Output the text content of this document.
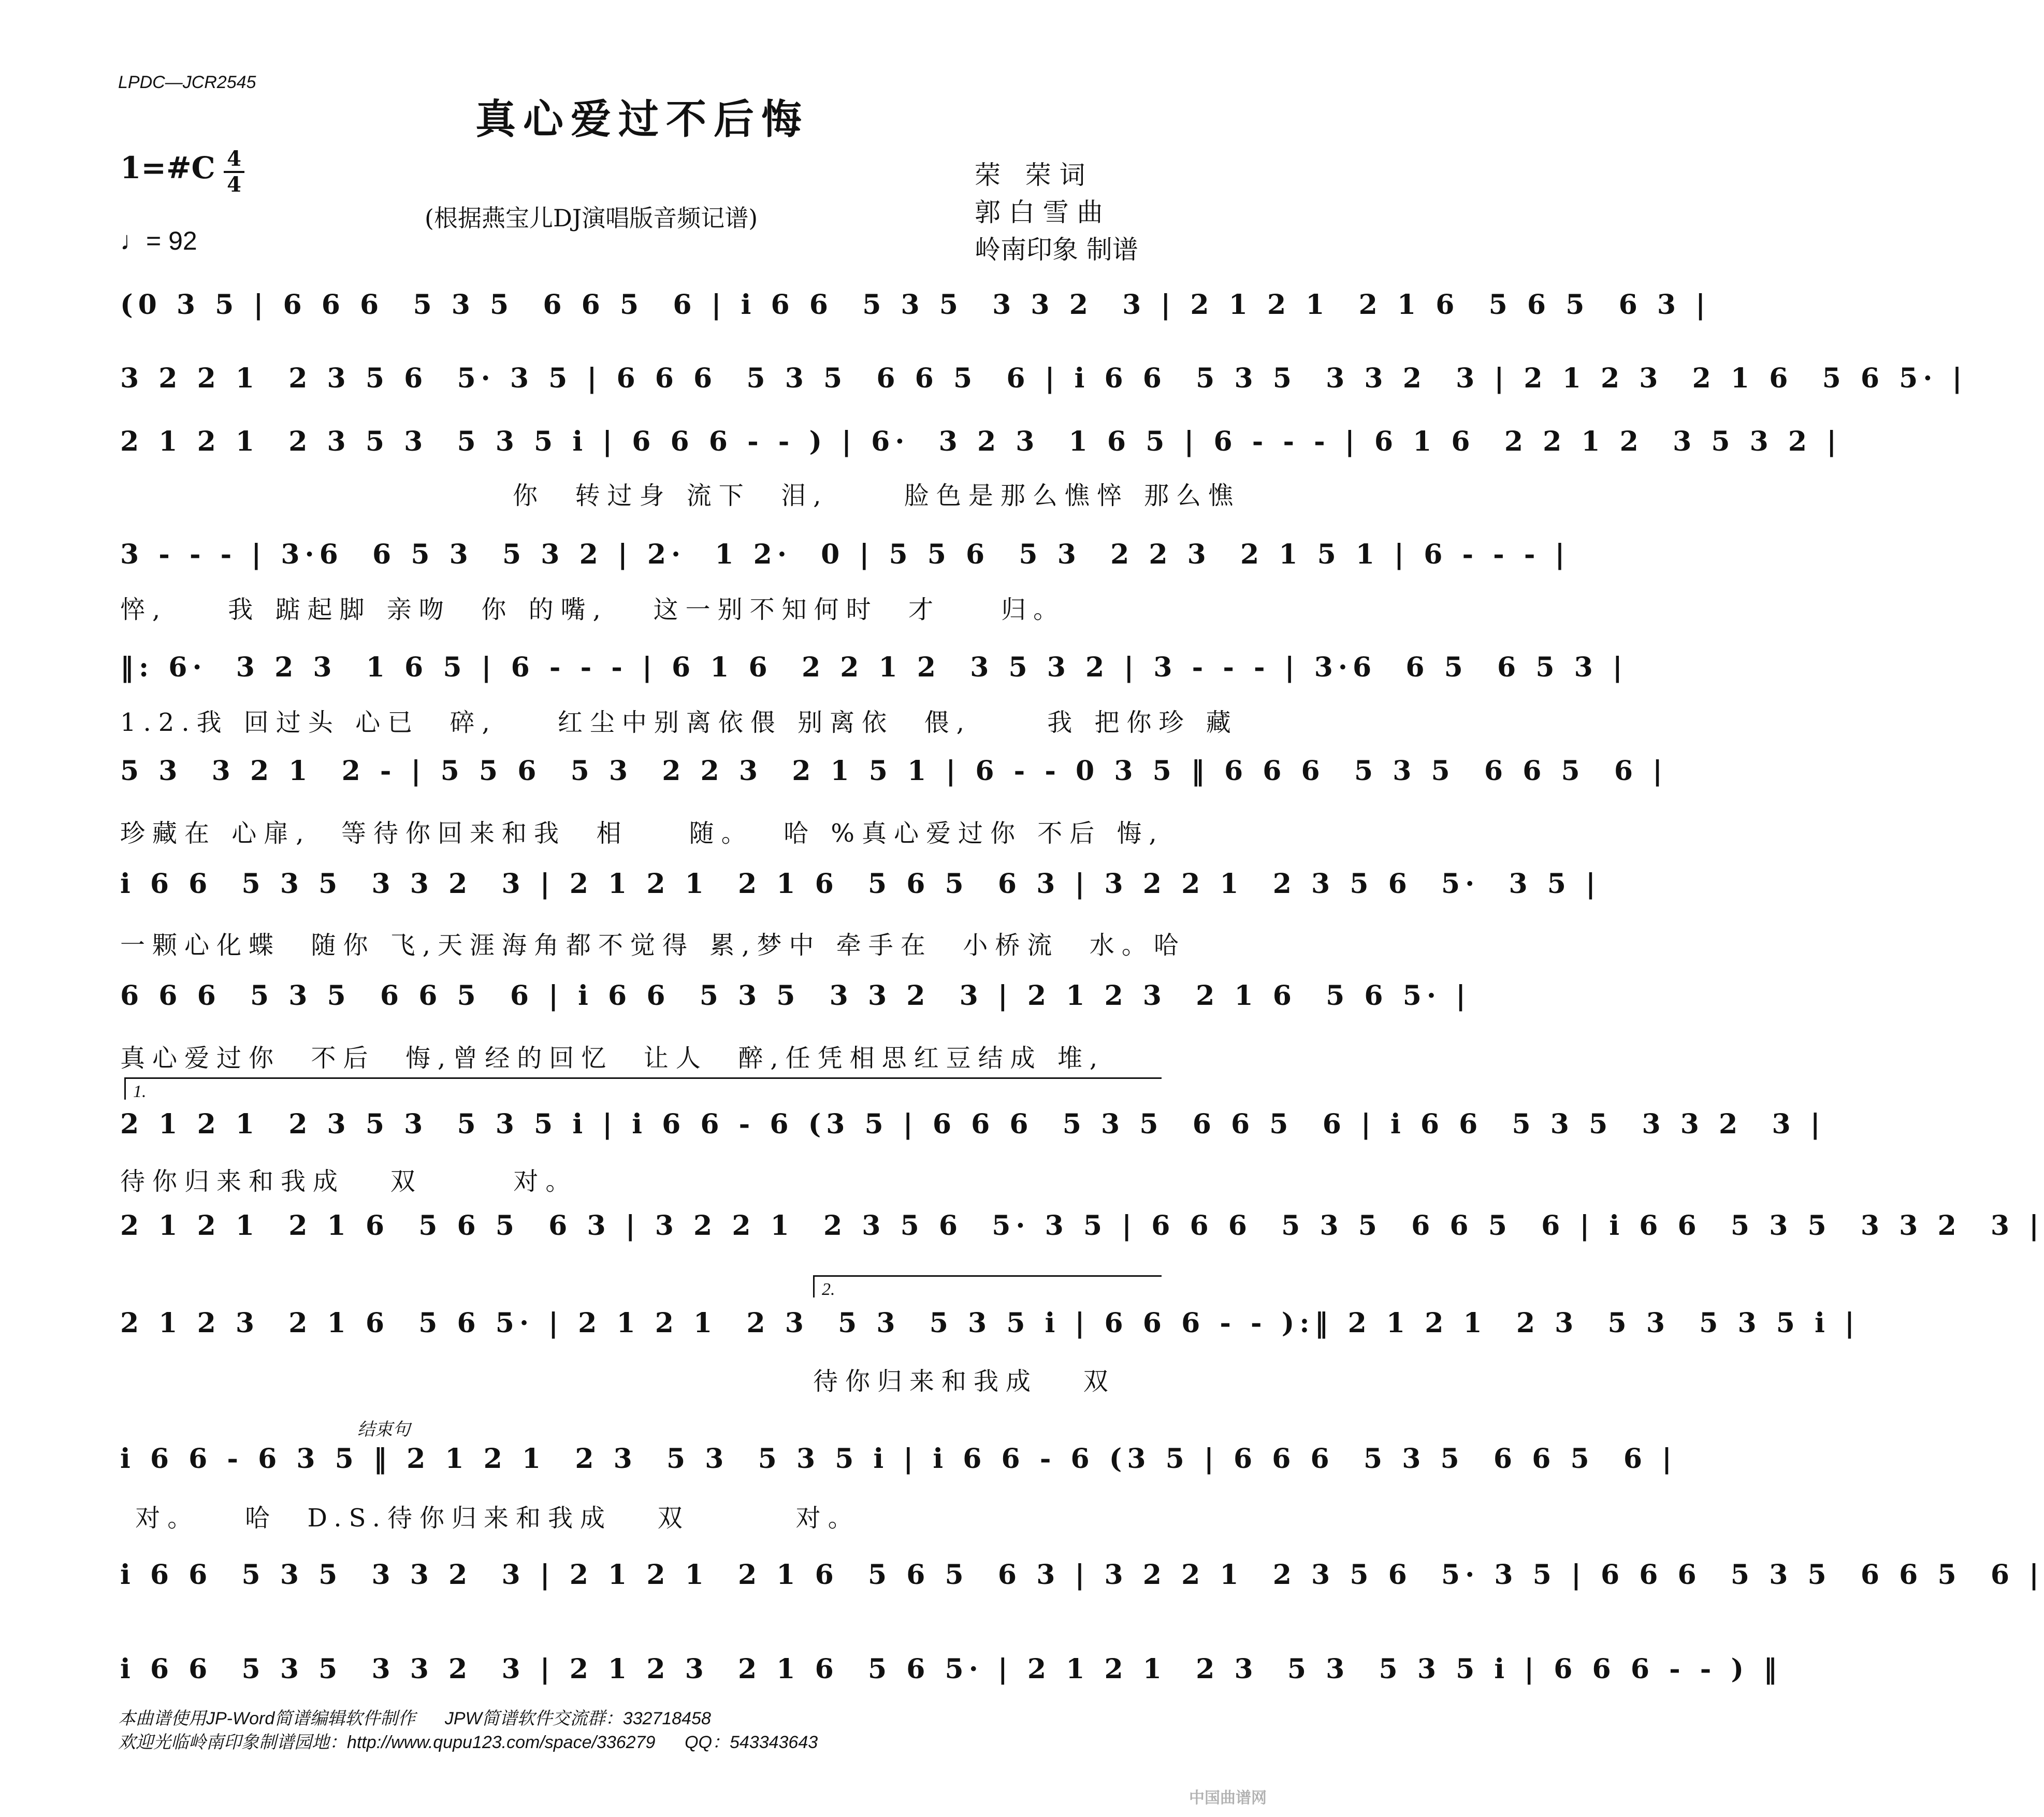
LPDC—JCR2545
真心爱过不后悔
1=#C 4
4
♩= 92
(根据燕宝儿DJ演唱版音频记谱)
荣   荣 词
郭 白 雪 曲
岭南印象 制谱
(0 3 5 | 6 6 6  5 3 5  6 6 5  6 | i 6 6  5 3 5  3 3 2  3 | 2 1 2 1  2 1 6  5 6 5  6 3 |
3 2 2 1  2 3 5 6  5· 3 5 | 6 6 6  5 3 5  6 6 5  6 | i 6 6  5 3 5  3 3 2  3 | 2 1 2 3  2 1 6  5 6 5· |
2 1 2 1  2 3 5 3  5 3 5 i | 6 6 6 - - ) | 6·  3 2 3  1 6 5 | 6 - - - | 6 1 6  2 2 1 2  3 5 3 2 |
你  转过身 流下  泪,     脸色是那么憔悴 那么憔
3 - - - | 3·6  6 5 3  5 3 2 | 2·  1 2·  0 | 5 5 6  5 3  2 2 3  2 1 5 1 | 6 - - - |
悴,    我 踮起脚 亲吻  你 的嘴,   这一别不知何时  才    归。
‖: 6·  3 2 3  1 6 5 | 6 - - - | 6 1 6  2 2 1 2  3 5 3 2 | 3 - - - | 3·6  6 5  6 5 3 |
1.2.我 回过头 心已  碎,    红尘中别离依偎 别离依  偎,     我 把你珍 藏
5 3  3 2 1  2 - | 5 5 6  5 3  2 2 3  2 1 5 1 | 6 - - 0 3 5 ‖ 6 6 6  5 3 5  6 6 5  6 |
珍藏在 心扉,  等待你回来和我  相    随。  哈 %真心爱过你 不后 悔,
i 6 6  5 3 5  3 3 2  3 | 2 1 2 1  2 1 6  5 6 5  6 3 | 3 2 2 1  2 3 5 6  5·  3 5 |
一颗心化蝶  随你 飞,天涯海角都不觉得 累,梦中 牵手在  小桥流  水。哈
6 6 6  5 3 5  6 6 5  6 | i 6 6  5 3 5  3 3 2  3 | 2 1 2 3  2 1 6  5 6 5· |
真心爱过你  不后  悔,曾经的回忆  让人  醉,任凭相思红豆结成 堆,
1.
2 1 2 1  2 3 5 3  5 3 5 i | i 6 6 - 6 (3 5 | 6 6 6  5 3 5  6 6 5  6 | i 6 6  5 3 5  3 3 2  3 |
待你归来和我成   双      对。
2 1 2 1  2 1 6  5 6 5  6 3 | 3 2 2 1  2 3 5 6  5· 3 5 | 6 6 6  5 3 5  6 6 5  6 | i 6 6  5 3 5  3 3 2  3 |
2.
2 1 2 3  2 1 6  5 6 5· | 2 1 2 1  2 3  5 3  5 3 5 i | 6 6 6 - - ):‖ 2 1 2 1  2 3  5 3  5 3 5 i |
待你归来和我成   双
结束句
i 6 6 - 6 3 5 ‖ 2 1 2 1  2 3  5 3  5 3 5 i | i 6 6 - 6 (3 5 | 6 6 6  5 3 5  6 6 5  6 |
对。   哈  D.S.待你归来和我成   双       对。
i 6 6  5 3 5  3 3 2  3 | 2 1 2 1  2 1 6  5 6 5  6 3 | 3 2 2 1  2 3 5 6  5· 3 5 | 6 6 6  5 3 5  6 6 5  6 |
i 6 6  5 3 5  3 3 2  3 | 2 1 2 3  2 1 6  5 6 5· | 2 1 2 1  2 3  5 3  5 3 5 i | 6 6 6 - - ) ‖
本曲谱使用JP-Word简谱编辑软件制作      JPW简谱软件交流群：332718458
欢迎光临岭南印象制谱园地：http://www.qupu123.com/space/336279      QQ：543343643
中国曲谱网
